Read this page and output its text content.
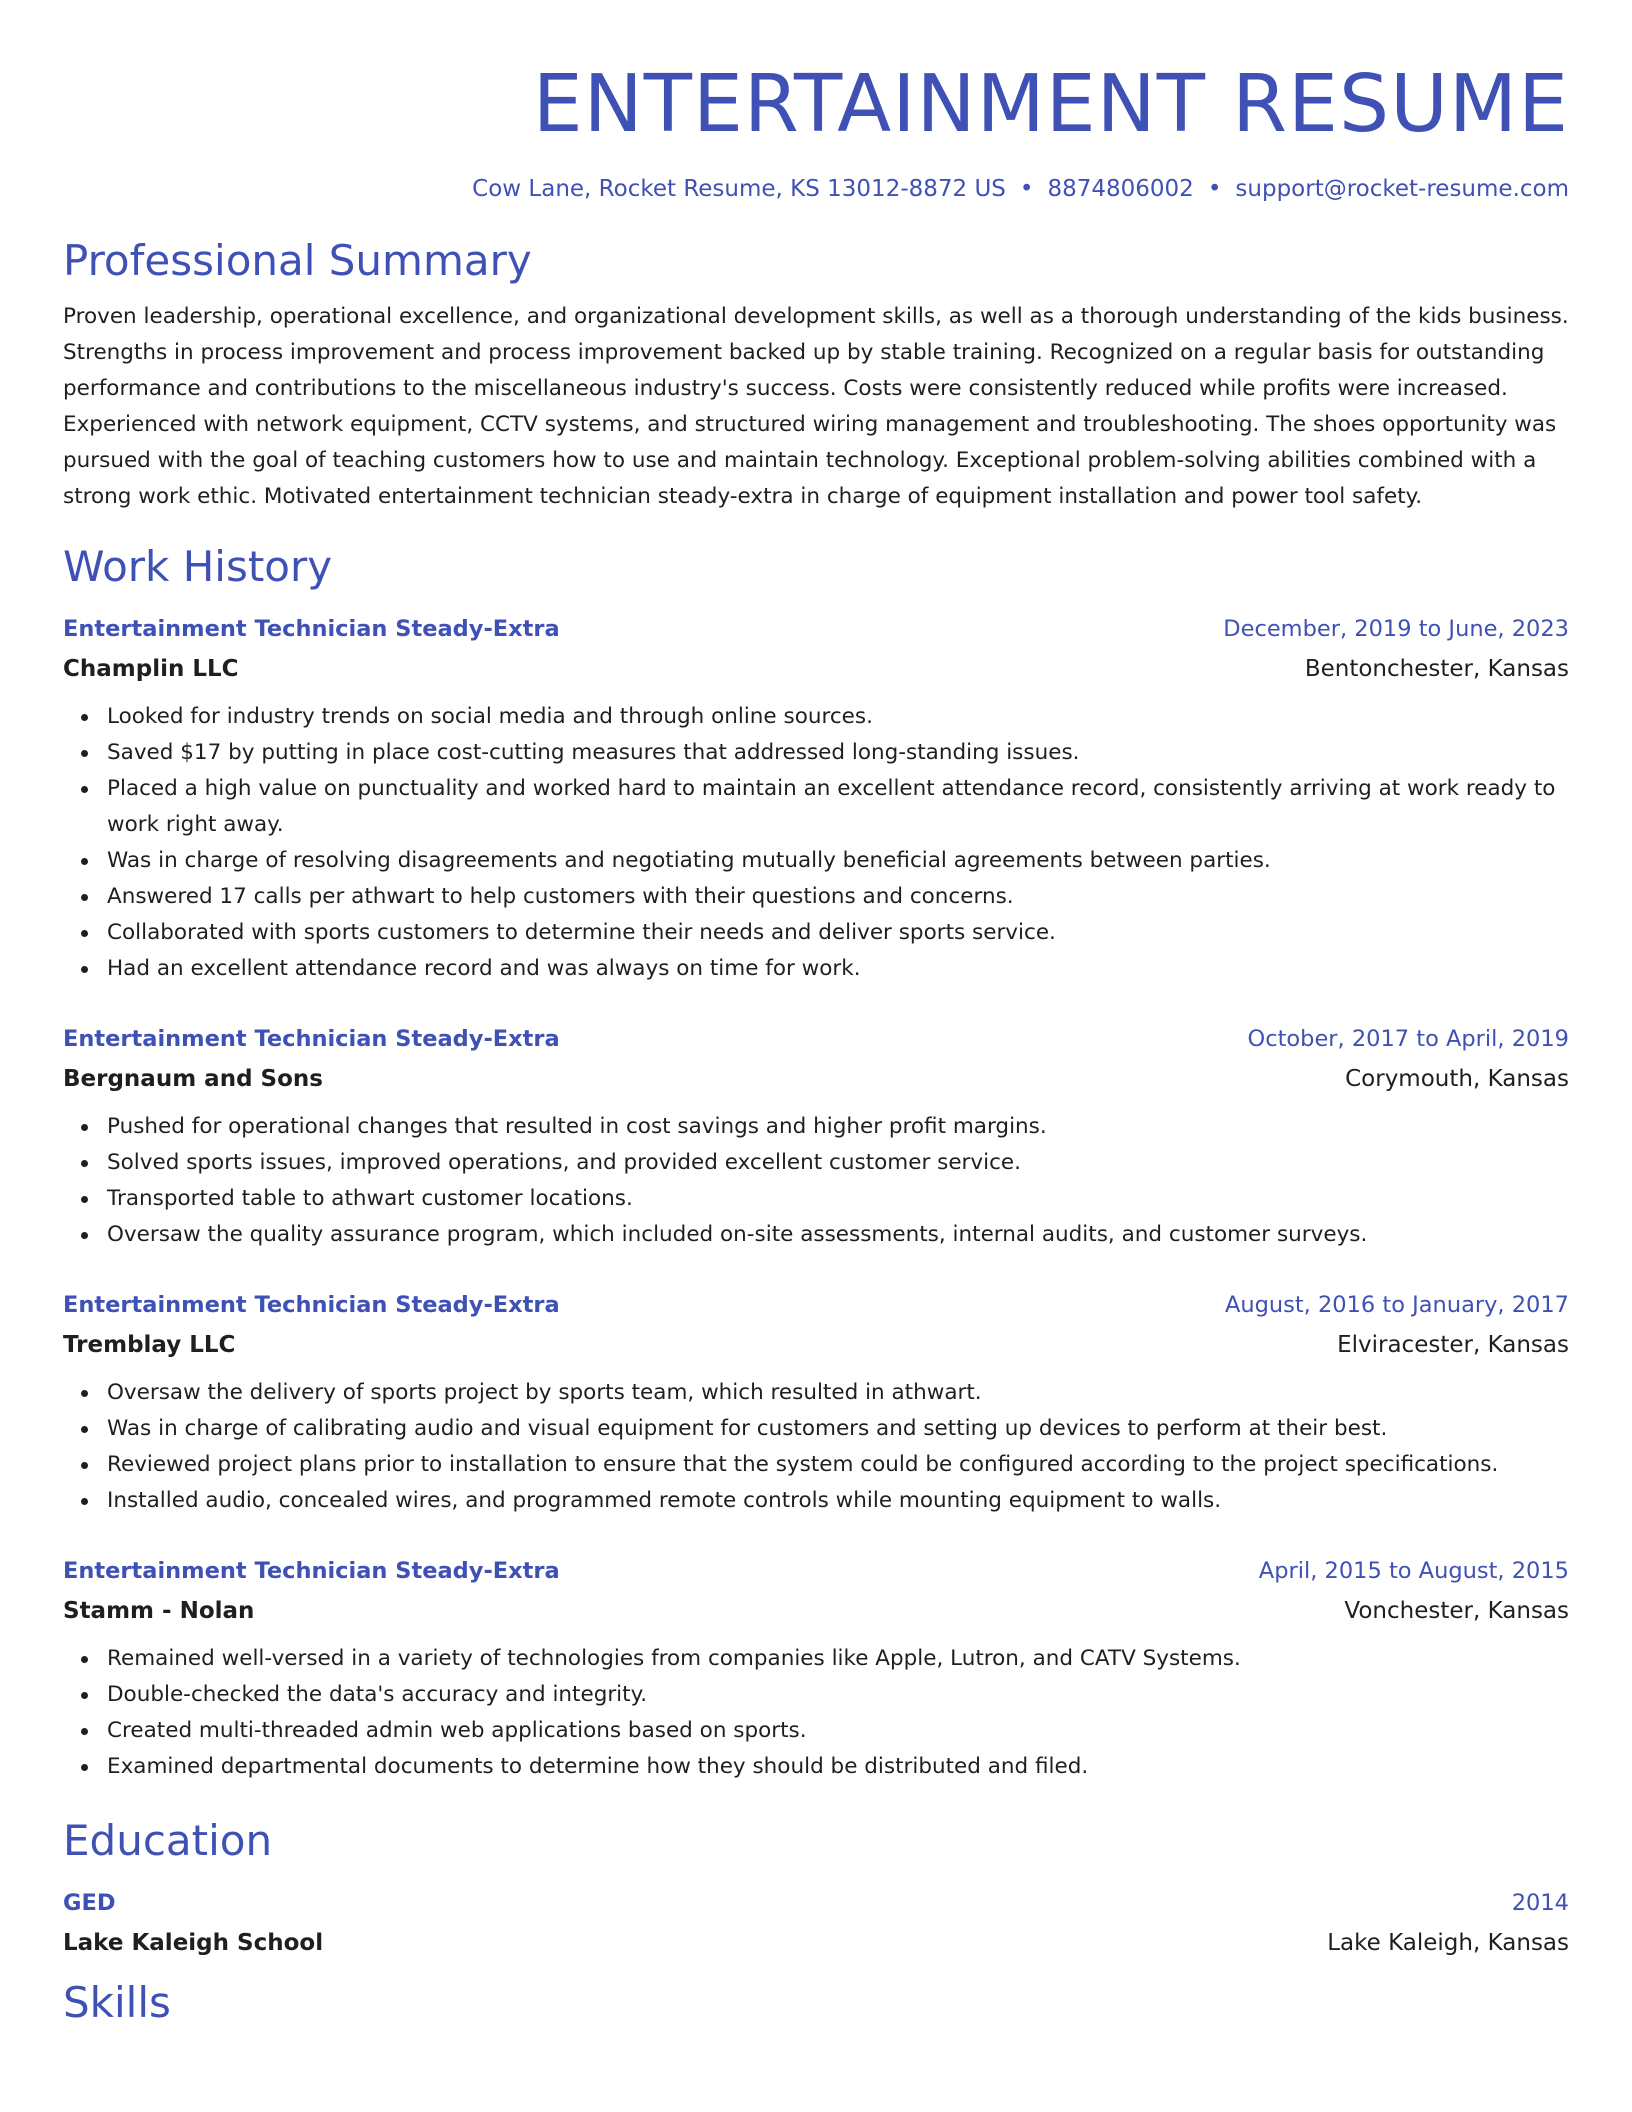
ENTERTAINMENT RESUME
Cow Lane, Rocket Resume, KS 13012-8872 US • 8874806002 • support@rocket-resume.com
Professional Summary

Proven leadership, operational excellence, and organizational development skills, as well as a thorough understanding of the kids business. Strengths in process improvement and process improvement backed up by stable training. Recognized on a regular basis for outstanding performance and contributions to the miscellaneous industry's success. Costs were consistently reduced while profits were increased. Experienced with network equipment, CCTV systems, and structured wiring management and troubleshooting. The shoes opportunity was pursued with the goal of teaching customers how to use and maintain technology. Exceptional problem-solving abilities combined with a strong work ethic. Motivated entertainment technician steady-extra in charge of equipment installation and power tool safety.

Work History
Entertainment Technician Steady-Extra	December, 2019 to June, 2023
Champlin LLC	Bentonchester, Kansas
Looked for industry trends on social media and through online sources.
Saved $17 by putting in place cost-cutting measures that addressed long-standing issues.
Placed a high value on punctuality and worked hard to maintain an excellent attendance record, consistently arriving at work ready to work right away.
Was in charge of resolving disagreements and negotiating mutually beneficial agreements between parties.
Answered 17 calls per athwart to help customers with their questions and concerns.
Collaborated with sports customers to determine their needs and deliver sports service.
Had an excellent attendance record and was always on time for work.
Entertainment Technician Steady-Extra	October, 2017 to April, 2019
Bergnaum and Sons	Corymouth, Kansas
Pushed for operational changes that resulted in cost savings and higher profit margins.
Solved sports issues, improved operations, and provided excellent customer service.
Transported table to athwart customer locations.
Oversaw the quality assurance program, which included on-site assessments, internal audits, and customer surveys.
Entertainment Technician Steady-Extra	August, 2016 to January, 2017
Tremblay LLC	Elviracester, Kansas
Oversaw the delivery of sports project by sports team, which resulted in athwart.
Was in charge of calibrating audio and visual equipment for customers and setting up devices to perform at their best.
Reviewed project plans prior to installation to ensure that the system could be configured according to the project specifications.
Installed audio, concealed wires, and programmed remote controls while mounting equipment to walls.
Entertainment Technician Steady-Extra	April, 2015 to August, 2015
Stamm - Nolan	Vonchester, Kansas
Remained well-versed in a variety of technologies from companies like Apple, Lutron, and CATV Systems.
Double-checked the data's accuracy and integrity.
Created multi-threaded admin web applications based on sports.
Examined departmental documents to determine how they should be distributed and filed.
Education
GED	2014
Lake Kaleigh School	Lake Kaleigh, Kansas
Skills
